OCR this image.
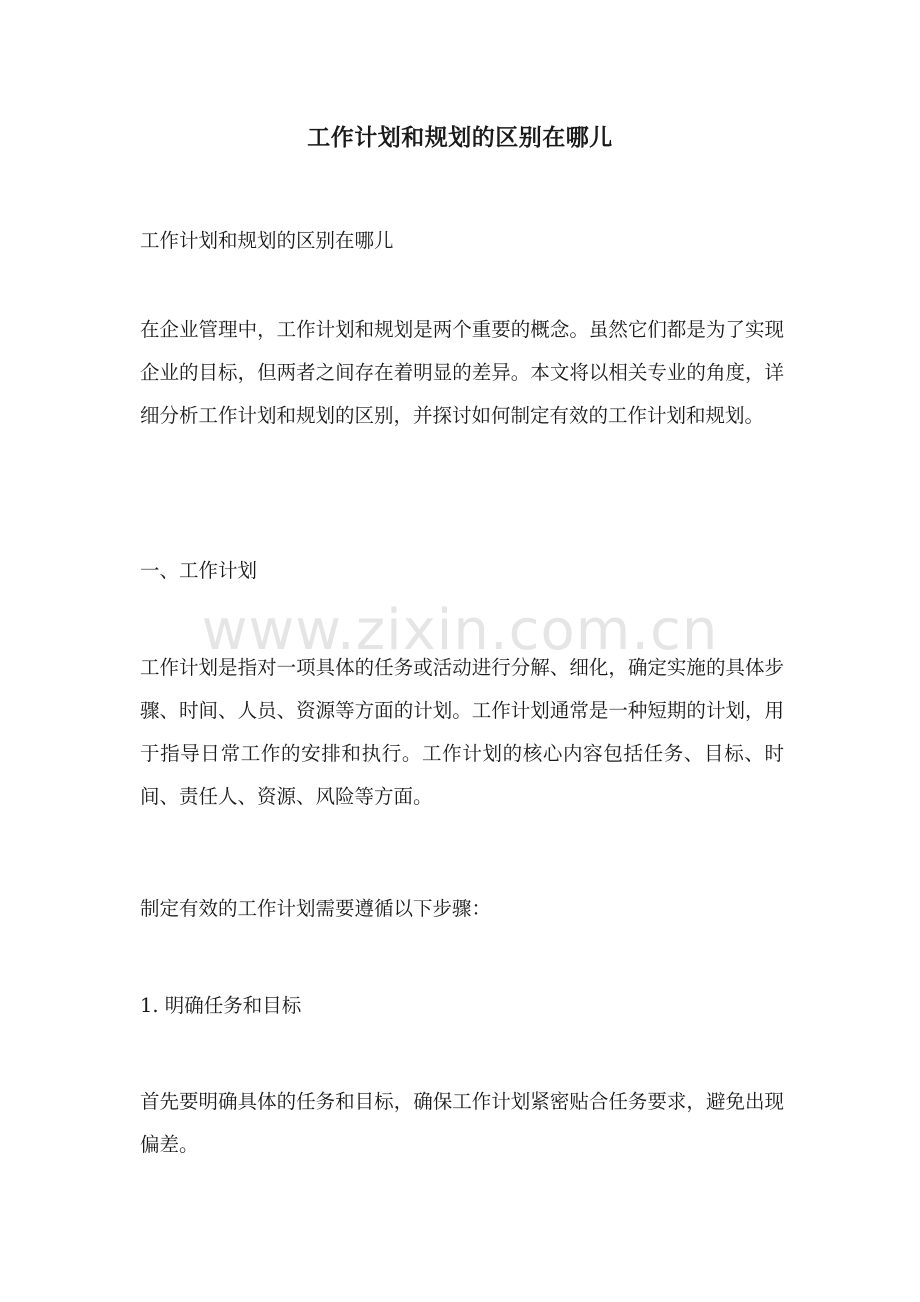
工作计划和规划的区别在哪儿
工作计划和规划的区别在哪儿
在企业管理中，工作计划和规划是两个重要的概念。虽然它们都是为了实现企业的目标，但两者之间存在着明显的差异。本文将以相关专业的角度，详细分析工作计划和规划的区别，并探讨如何制定有效的工作计划和规划。
一、工作计划
www.zixin.com.cn
工作计划是指对一项具体的任务或活动进行分解、细化，确定实施的具体步骤、时间、人员、资源等方面的计划。工作计划通常是一种短期的计划，用于指导日常工作的安排和执行。工作计划的核心内容包括任务、目标、时间、责任人、资源、风险等方面。
制定有效的工作计划需要遵循以下步骤：
1. 明确任务和目标
首先要明确具体的任务和目标，确保工作计划紧密贴合任务要求，避免出现偏差。
